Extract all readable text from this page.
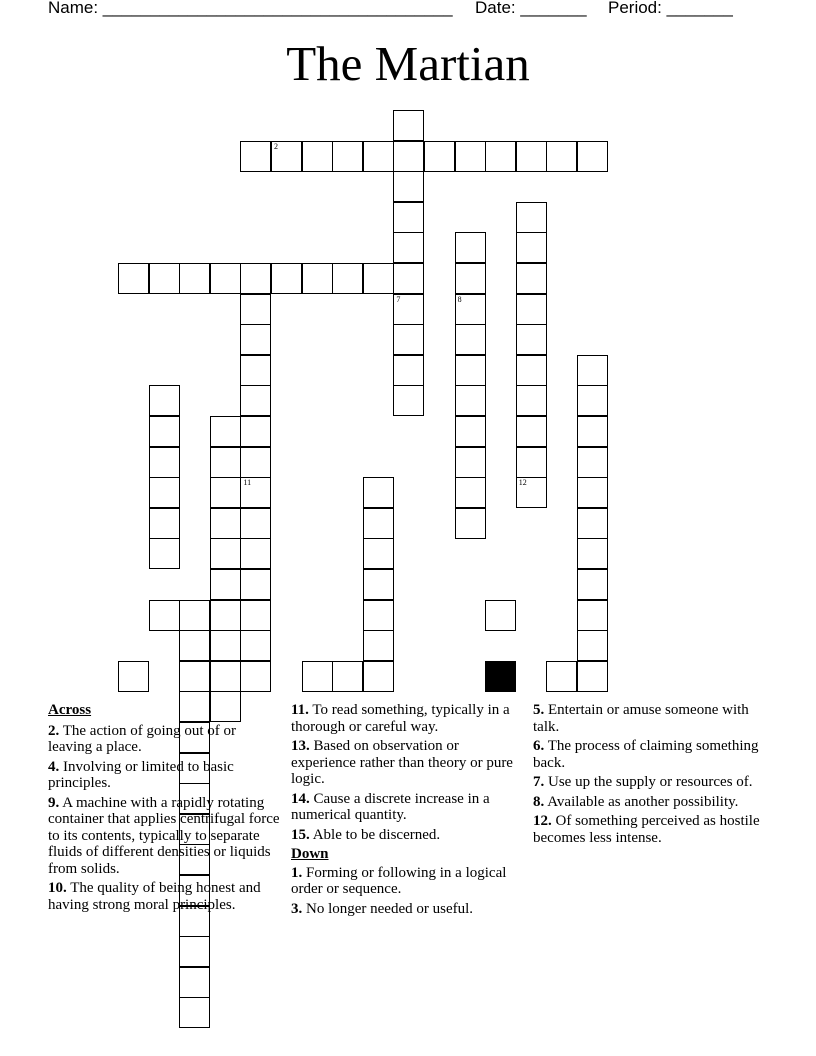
Name: _____________________________________ Date: _______ Period: _______
The Martian
7
2
12
8
11
Across
2. The action of going out of or leaving a place.
4. Involving or limited to basic principles.
9. A machine with a rapidly rotating container that applies centrifugal force to its contents, typically to separate fluids of different densities or liquids from solids.
10. The quality of being honest and having strong moral principles.
11. To read something, typically in a thorough or careful way.
13. Based on observation or experience rather than theory or pure logic.
14. Cause a discrete increase in a numerical quantity.
15. Able to be discerned.
Down
1. Forming or following in a logical order or sequence.
3. No longer needed or useful.
5. Entertain or amuse someone with talk.
6. The process of claiming something back.
7. Use up the supply or resources of.
8. Available as another possibility.
12. Of something perceived as hostile becomes less intense.
